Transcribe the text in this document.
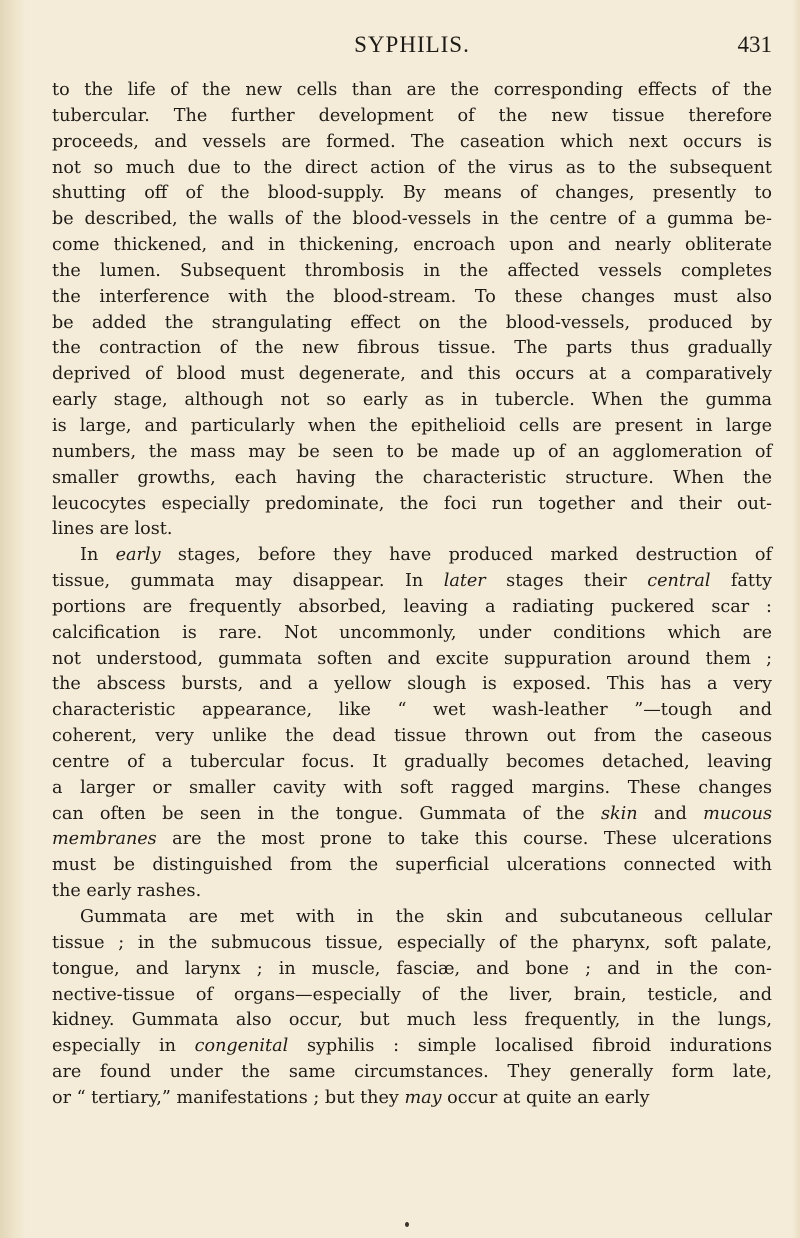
SYPHILIS.	431
to the life of the new cells than are the corresponding effects of the
tubercular. The further development of the new tissue therefore
proceeds, and vessels are formed. The caseation which next occurs is
not so much due to the direct action of the virus as to the subsequent
shutting off of the blood-supply. By means of changes, presently to
be described, the walls of the blood-vessels in the centre of a gumma be-
come thickened, and in thickening, encroach upon and nearly obliterate
the lumen. Subsequent thrombosis in the affected vessels completes
the interference with the blood-stream. To these changes must also
be added the strangulating effect on the blood-vessels, produced by
the contraction of the new fibrous tissue. The parts thus gradually
deprived of blood must degenerate, and this occurs at a comparatively
early stage, although not so early as in tubercle. When the gumma
is large, and particularly when the epithelioid cells are present in large
numbers, the mass may be seen to be made up of an agglomeration of
smaller growths, each having the characteristic structure. When the
leucocytes especially predominate, the foci run together and their out-
lines are lost.
In early stages, before they have produced marked destruction of
tissue, gummata may disappear. In later stages their central fatty
portions are frequently absorbed, leaving a radiating puckered scar :
calcification is rare. Not uncommonly, under conditions which are
not understood, gummata soften and excite suppuration around them ;
the abscess bursts, and a yellow slough is exposed. This has a very
characteristic appearance, like “ wet wash-leather ”—tough and
coherent, very unlike the dead tissue thrown out from the caseous
centre of a tubercular focus. It gradually becomes detached, leaving
a larger or smaller cavity with soft ragged margins. These changes
can often be seen in the tongue. Gummata of the skin and mucous
membranes are the most prone to take this course. These ulcerations
must be distinguished from the superficial ulcerations connected with
the early rashes.
Gummata are met with in the skin and subcutaneous cellular
tissue ; in the submucous tissue, especially of the pharynx, soft palate,
tongue, and larynx ; in muscle, fasciæ, and bone ; and in the con-
nective-tissue of organs—especially of the liver, brain, testicle, and
kidney. Gummata also occur, but much less frequently, in the lungs,
especially in congenital syphilis : simple localised fibroid indurations
are found under the same circumstances. They generally form late,
or “ tertiary,” manifestations ; but they may occur at quite an early
